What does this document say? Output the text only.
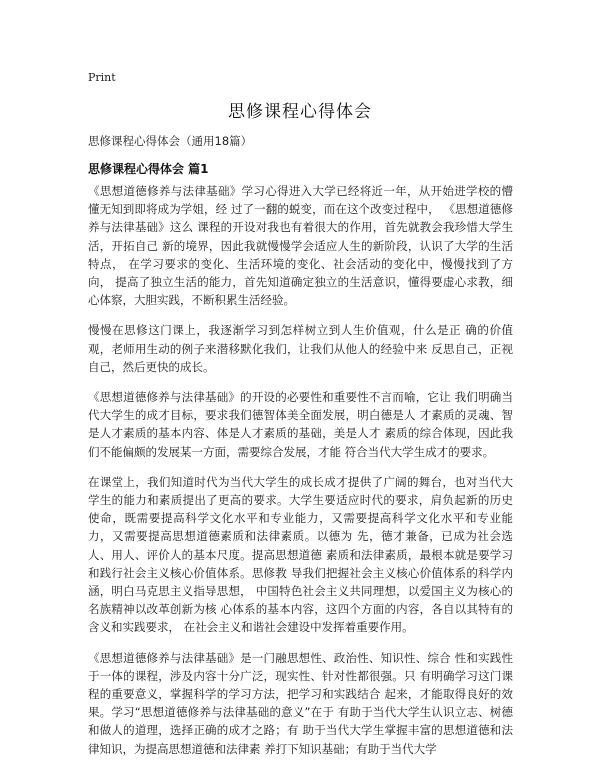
Print
思修课程心得体会
思修课程心得体会（通用18篇）
思修课程心得体会 篇1

《思想道德修养与法律基础》学习心得进入大学已经将近一年，从开始进学校的懵懂无知到即将成为学姐，经 过了一翻的蜕变，而在这个改变过程中， 《思想道德修养与法律基础》这么 课程的开设对我也有着很大的作用，首先就教会我珍惜大学生活，开拓自己 新的境界，因此我就慢慢学会适应人生的新阶段，认识了大学的生活特点， 在学习要求的变化、生活环境的变化、社会活动的变化中，慢慢找到了方向， 提高了独立生活的能力，首先知道确定独立的生活意识，懂得要虚心求教，细心体察，大胆实践，不断积累生活经验。

慢慢在思修这门课上，我逐渐学习到怎样树立到人生价值观，什么是正 确的价值观，老师用生动的例子来潜移默化我们，让我们从他人的经验中来 反思自己，正视自己，然后更快的成长。

《思想道德修养与法律基础》的开设的必要性和重要性不言而喻，它让 我们明确当代大学生的成才目标，要求我们德智体美全面发展，明白德是人 才素质的灵魂、智是人才素质的基本内容、体是人才素质的基础，美是人才 素质的综合体现，因此我们不能偏颇的发展某一方面，需要综合发展，才能 符合当代大学生成才的要求。

在课堂上，我们知道时代为当代大学生的成长成才提供了广阔的舞台，也对当代大学生的能力和素质提出了更高的要求。大学生要适应时代的要求，肩负起新的历史使命，既需要提高科学文化水平和专业能力，又需要提高科学文化水平和专业能力，又需要提高思想道德素质和法律素质。以德为 先，德才兼备，已成为社会选人、用人、评价人的基本尺度。提高思想道德 素质和法律素质，最根本就是要学习和践行社会主义核心价值体系。思修教 导我们把握社会主义核心价值体系的科学内涵，明白马克思主义指导思想， 中国特色社会主义共同理想，以爱国主义为核心的名族精神以改革创新为核 心体系的基本内容，这四个方面的内容，各自以其特有的含义和实践要求， 在社会主义和谐社会建设中发挥着重要作用。

《思想道德修养与法律基础》是一门融思想性、政治性、知识性、综合 性和实践性于一体的课程，涉及内容十分广泛，现实性、针对性都很强。只 有明确学习这门课程的重要意义，掌握科学的学习方法，把学习和实践结合 起来，才能取得良好的效果。学习“思想道德修养与法律基础的意义”在于 有助于当代大学生认识立志、树德和做人的道理，选择正确的成才之路；有 助于当代大学生掌握丰富的思想道德和法律知识，为提高思想道德和法律素 养打下知识基础；有助于当代大学
